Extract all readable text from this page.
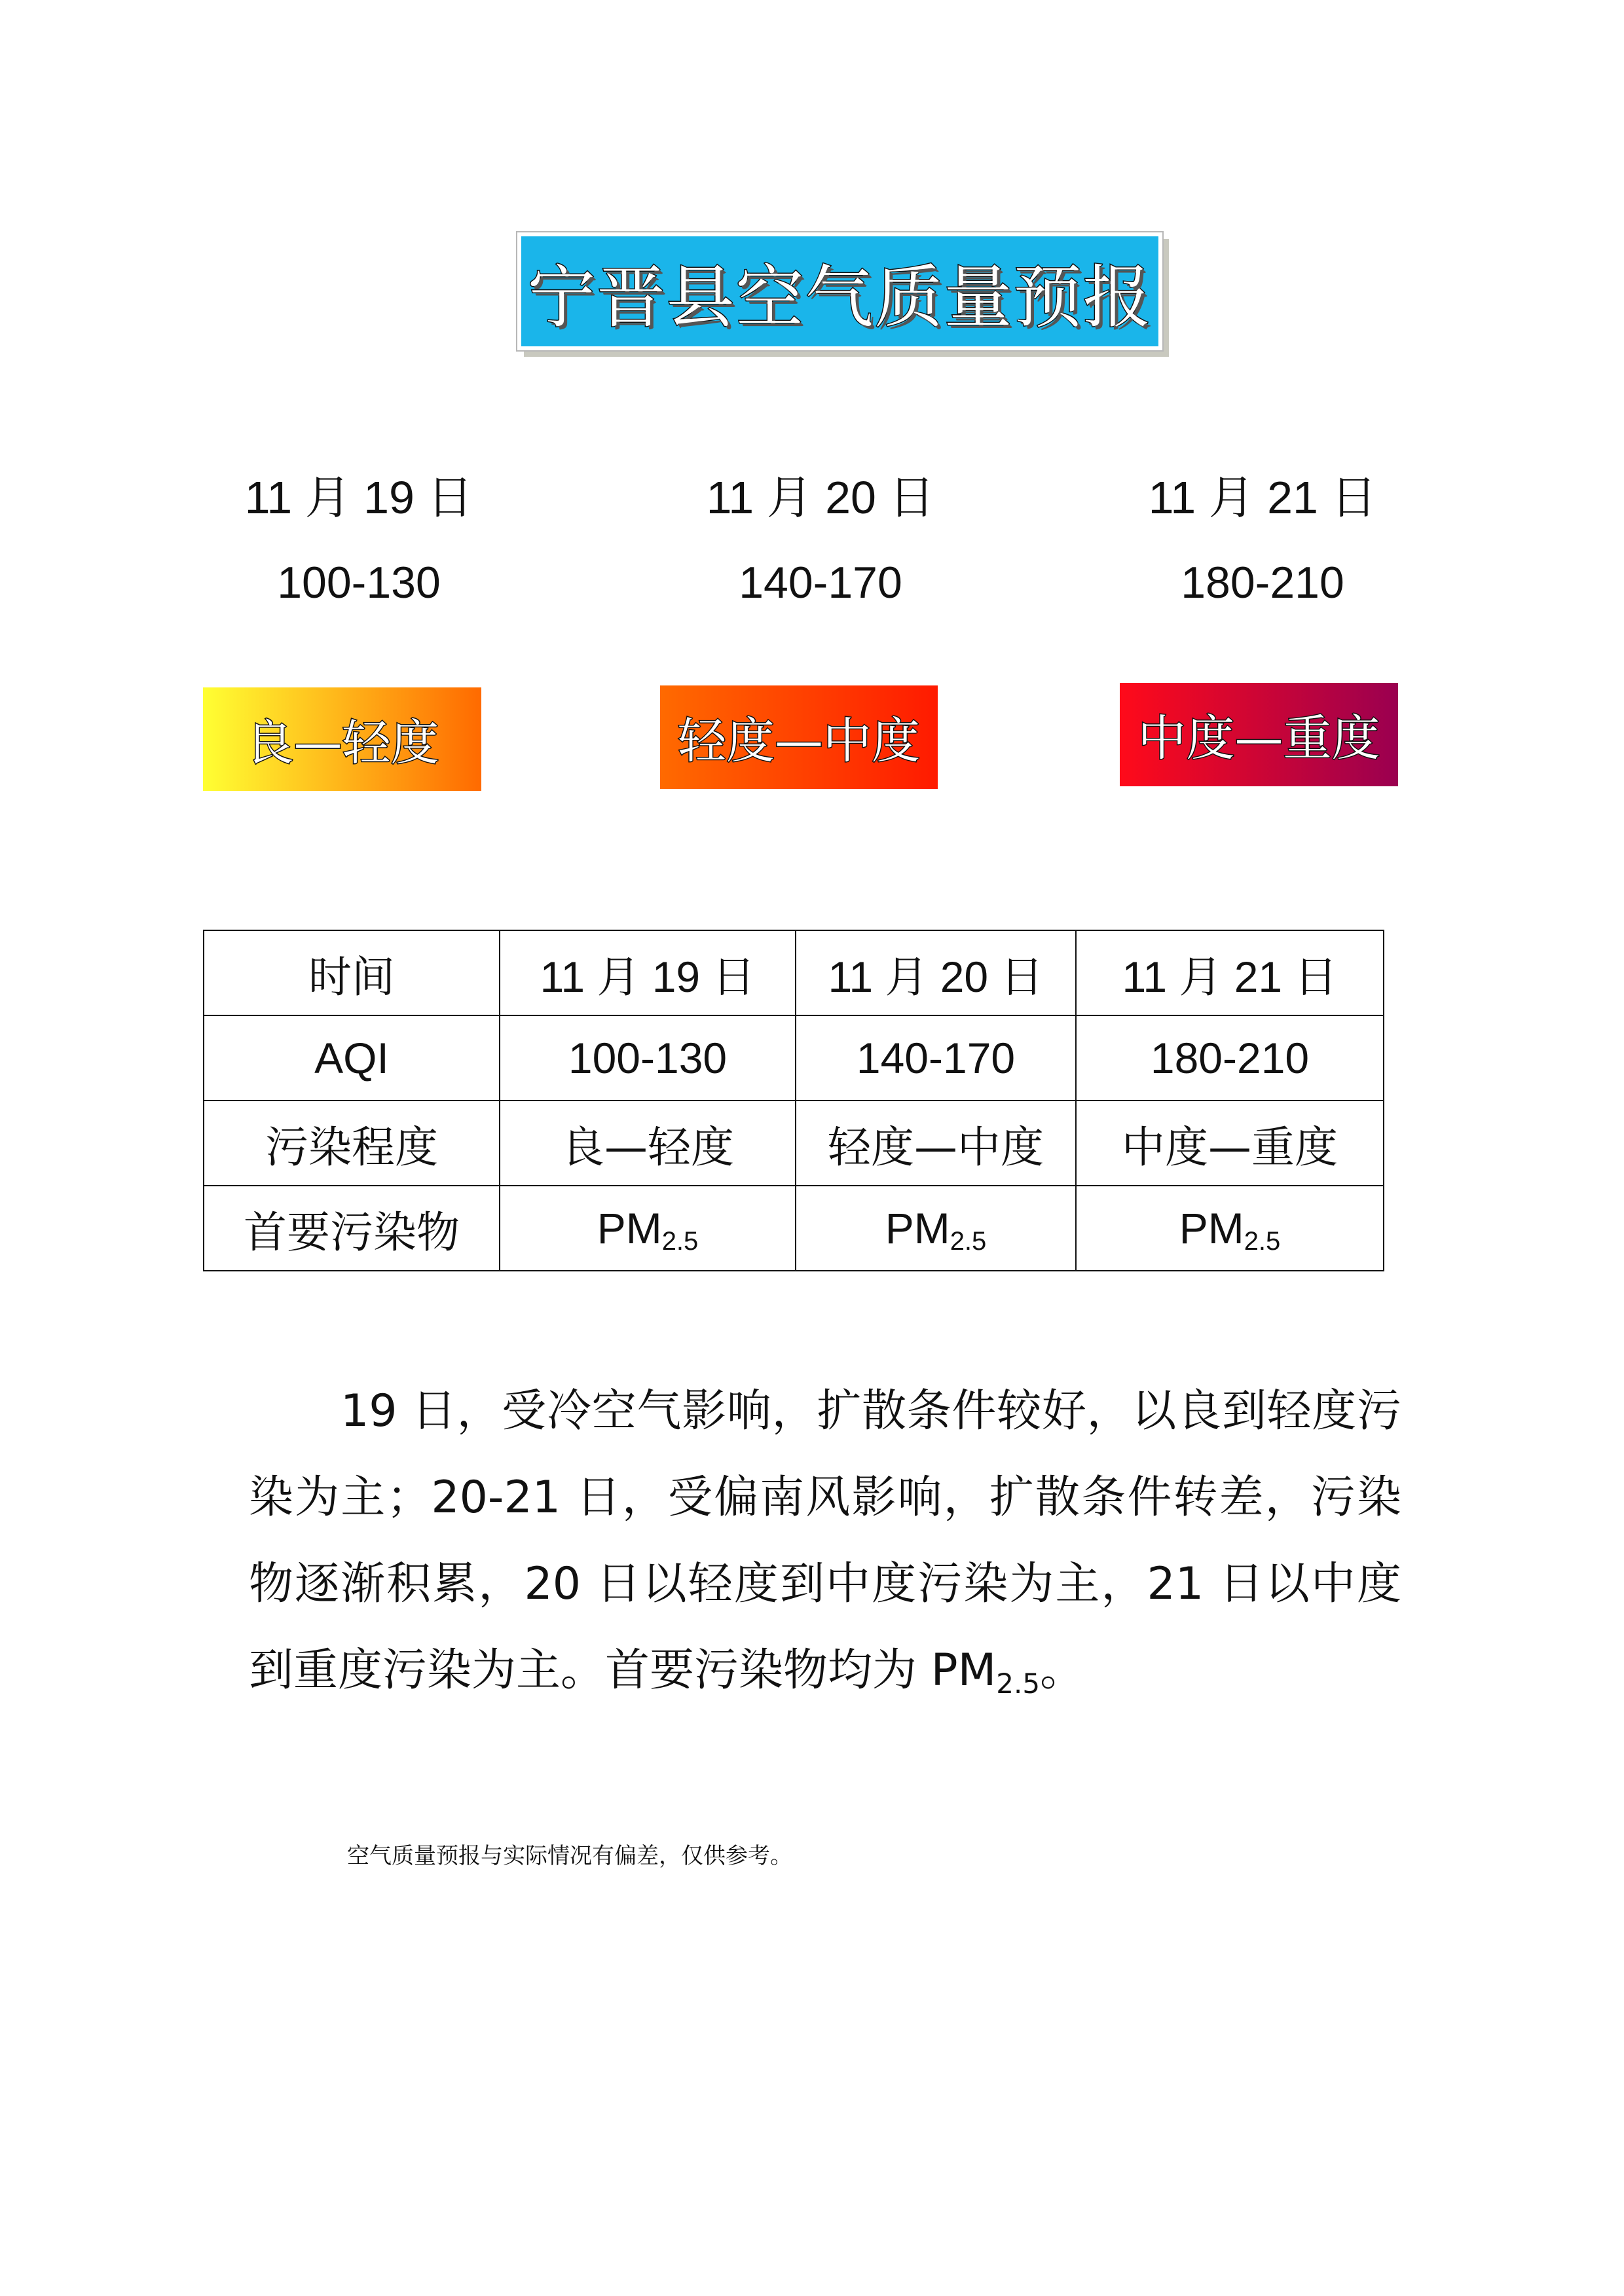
宁晋县空气质量预报
11 月 19 日
100-130
11 月 20 日
140-170
11 月 21 日
180-210
良—轻度	轻度—中度	中度—重度
时间	11 月 19 日	11 月 20 日	11 月 21 日
AQI	100-130	140-170	180-210
污染程度	良—轻度	轻度—中度	中度—重度
首要污染物	PM2.5	PM2.5	PM2.5
19 日，受冷空气影响，扩散条件较好，以良到轻度污染为主；20-21 日，受偏南风影响，扩散条件转差，污染物逐渐积累，20 日以轻度到中度污染为主，21 日以中度到重度污染为主。首要污染物均为 PM2.5。
空气质量预报与实际情况有偏差，仅供参考。
